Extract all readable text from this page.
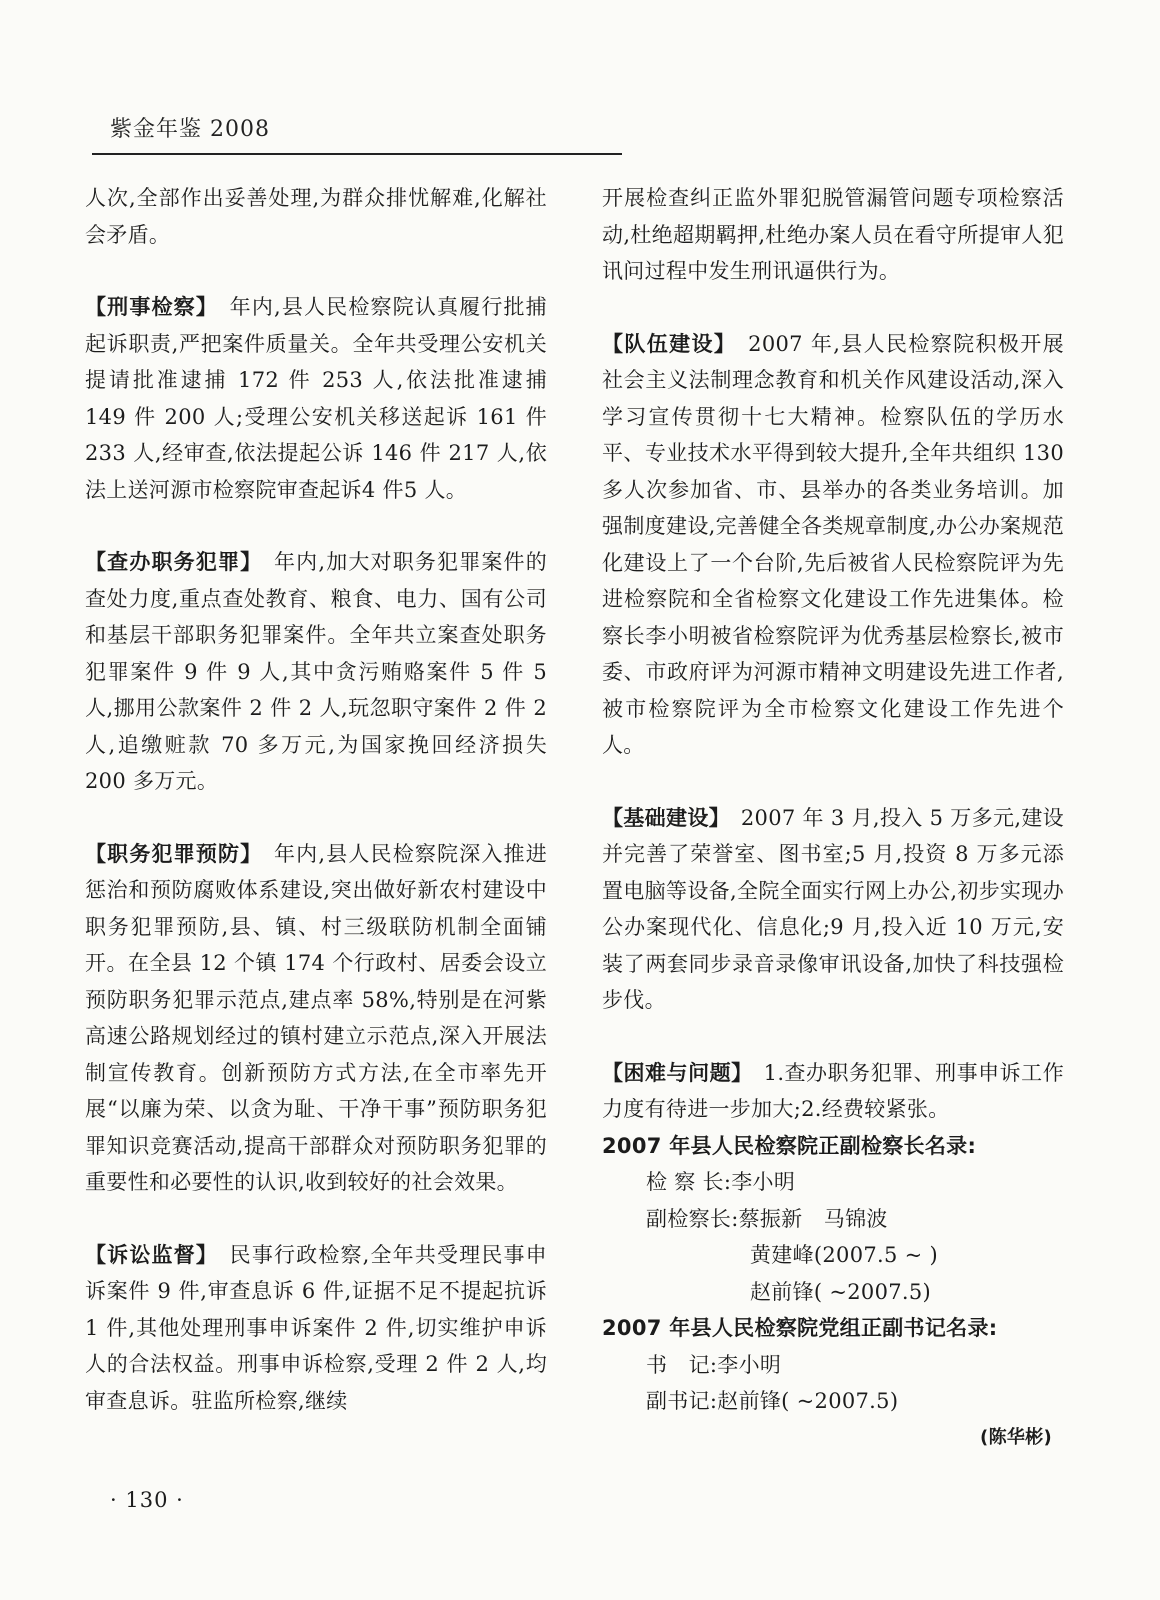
紫金年鉴 2008

人次,全部作出妥善处理,为群众排忧解难,化解社会矛盾。

【刑事检察】　 年内,县人民检察院认真履行批捕起诉职责,严把案件质量关。全年共受理公安机关提请批准逮捕 172 件 253 人,依法批准逮捕 149 件 200 人;受理公安机关移送起诉 161 件 233 人,经审查,依法提起公诉 146 件 217 人,依法上送河源市检察院审查起诉4 件5 人。

【查办职务犯罪】　 年内,加大对职务犯罪案件的查处力度,重点查处教育、粮食、电力、国有公司和基层干部职务犯罪案件。全年共立案查处职务犯罪案件 9 件 9 人,其中贪污贿赂案件 5 件 5 人,挪用公款案件 2 件 2 人,玩忽职守案件 2 件 2 人,追缴赃款 70 多万元,为国家挽回经济损失 200 多万元。

【职务犯罪预防】　 年内,县人民检察院深入推进惩治和预防腐败体系建设,突出做好新农村建设中职务犯罪预防,县、镇、村三级联防机制全面铺开。在全县 12 个镇 174 个行政村、居委会设立预防职务犯罪示范点,建点率 58%,特别是在河紫高速公路规划经过的镇村建立示范点,深入开展法制宣传教育。创新预防方式方法,在全市率先开展“以廉为荣、以贪为耻、干净干事”预防职务犯罪知识竞赛活动,提高干部群众对预防职务犯罪的重要性和必要性的认识,收到较好的社会效果。

【诉讼监督】　 民事行政检察,全年共受理民事申诉案件 9 件,审查息诉 6 件,证据不足不提起抗诉 1 件,其他处理刑事申诉案件 2 件,切实维护申诉人的合法权益。刑事申诉检察,受理 2 件 2 人,均审查息诉。驻监所检察,继续

开展检查纠正监外罪犯脱管漏管问题专项检察活动,杜绝超期羁押,杜绝办案人员在看守所提审人犯讯问过程中发生刑讯逼供行为。

【队伍建设】　 2007 年,县人民检察院积极开展社会主义法制理念教育和机关作风建设活动,深入学习宣传贯彻十七大精神。检察队伍的学历水平、专业技术水平得到较大提升,全年共组织 130 多人次参加省、市、县举办的各类业务培训。加强制度建设,完善健全各类规章制度,办公办案规范化建设上了一个台阶,先后被省人民检察院评为先进检察院和全省检察文化建设工作先进集体。检察长李小明被省检察院评为优秀基层检察长,被市委、市政府评为河源市精神文明建设先进工作者,被市检察院评为全市检察文化建设工作先进个人。

【基础建设】　 2007 年 3 月,投入 5 万多元,建设并完善了荣誉室、图书室;5 月,投资 8 万多元添置电脑等设备,全院全面实行网上办公,初步实现办公办案现代化、信息化;9 月,投入近 10 万元,安装了两套同步录音录像审讯设备,加快了科技强检步伐。

【困难与问题】　 1.查办职务犯罪、刑事申诉工作力度有待进一步加大;2.经费较紧张。

2007 年县人民检察院正副检察长名录:

检 察 长:李小明

副检察长:蔡振新　马锦波

黄建峰(2007.5 ~ )

赵前锋( ~2007.5)

2007 年县人民检察院党组正副书记名录:

书　记:李小明

副书记:赵前锋( ~2007.5)

(陈华彬)

· 130 ·
